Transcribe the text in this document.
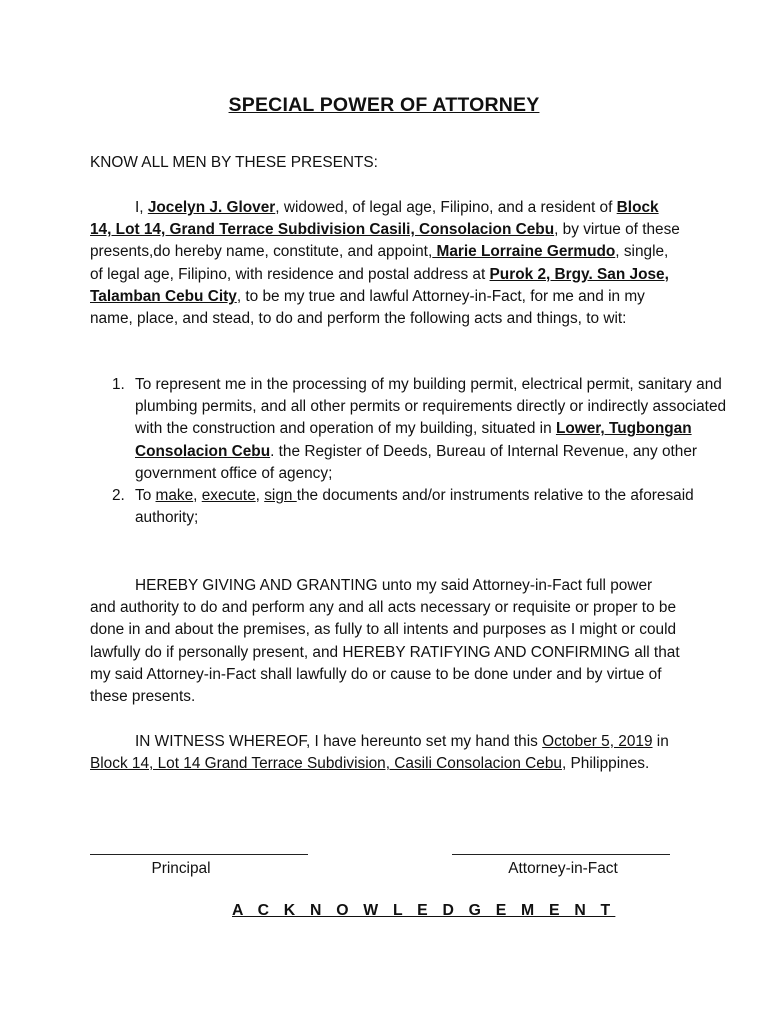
SPECIAL POWER OF ATTORNEY

KNOW ALL MEN BY THESE PRESENTS:

I, Jocelyn J. Glover, widowed, of legal age, Filipino, and a resident of Block 14, Lot 14, Grand Terrace Subdivision Casili, Consolacion Cebu, by virtue of these presents,do hereby name, constitute, and appoint, Marie Lorraine Germudo, single, of legal age, Filipino, with residence and postal address at Purok 2, Brgy. San Jose, Talamban Cebu City, to be my true and lawful Attorney-in-Fact, for me and in my name, place, and stead, to do and perform the following acts and things, to wit:

1. To represent me in the processing of my building permit, electrical permit, sanitary and plumbing permits, and all other permits or requirements directly or indirectly associated with the construction and operation of my building, situated in Lower, Tugbongan Consolacion Cebu. the Register of Deeds, Bureau of Internal Revenue, any other government office of agency;
2. To make, execute, sign the documents and/or instruments relative to the aforesaid authority;

HEREBY GIVING AND GRANTING unto my said Attorney-in-Fact full power and authority to do and perform any and all acts necessary or requisite or proper to be done in and about the premises, as fully to all intents and purposes as I might or could lawfully do if personally present, and HEREBY RATIFYING AND CONFIRMING all that my said Attorney-in-Fact shall lawfully do or cause to be done under and by virtue of these presents.

IN WITNESS WHEREOF, I have hereunto set my hand this October 5, 2019 in Block 14, Lot 14 Grand Terrace Subdivision, Casili Consolacion Cebu, Philippines.

Principal	Attorney-in-Fact
A C K N O W L E D G E M E N T
